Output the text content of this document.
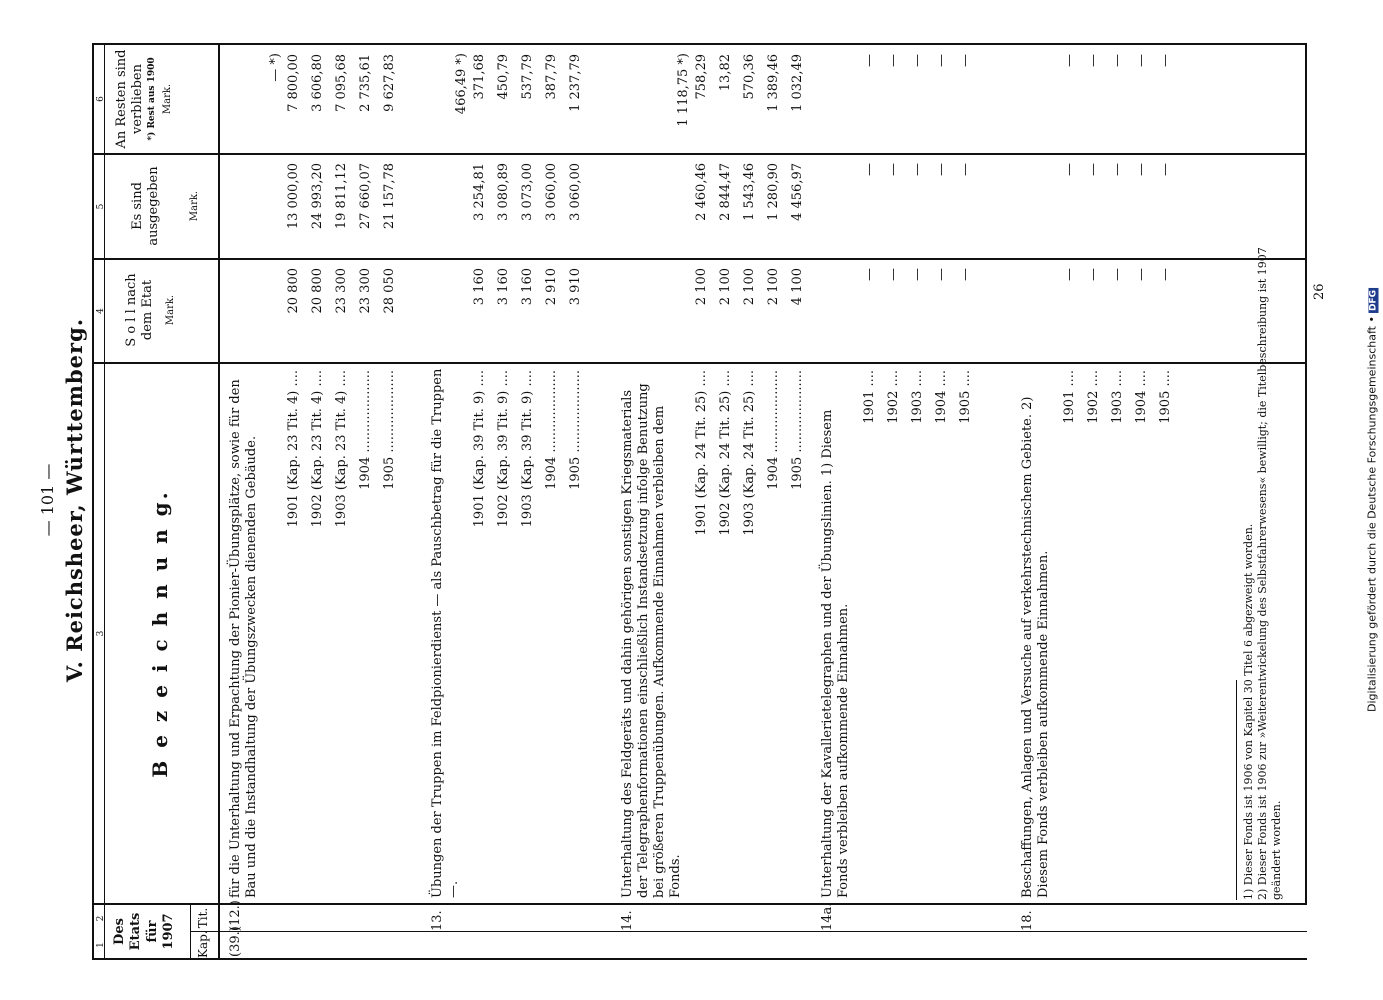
Digitalisierung gefördert durch die Deutsche Forschungsgemeinschaft •DFG
— 101 — V. Reichsheer, Württemberg.
1
2
3
4
5
6
Des Etats für 1907 Kap.
Tit.
B e z e i c h n u n g.
S o l l nach dem Etat Mark.
Es sind ausgegeben	Mark.
An Resten sind verblieben *) Rest aus 1900 Mark.
(39.)
(12.)
für die Unterhaltung und Erpachtung der Pionier-Übungsplätze, sowie für den Bau und die Instandhaltung der Übungszwecken dienenden Gebäude.
— *)
1901 (Kap. 23 Tit. 4) ....
20 800
13 000,00
7 800,00
1902 (Kap. 23 Tit. 4) ....
20 800
24 993,20
3 606,80
1903 (Kap. 23 Tit. 4) ....
23 300
19 811,12
7 095,68
1904 ....................
23 300
27 660,07
2 735,61
1905 ....................
28 050
21 157,78
9 627,83
13.
Übungen der Truppen im Feldpionierdienst — als Pauschbetrag für die Truppen —.
466,49 *)
1901 (Kap. 39 Tit. 9) ....
3 160
3 254,81
371,68
1902 (Kap. 39 Tit. 9) ....
3 160
3 080,89
450,79
1903 (Kap. 39 Tit. 9) ....
3 160
3 073,00
537,79
1904 ....................
2 910
3 060,00
387,79
1905 ....................
3 910
3 060,00
1 237,79
14.
Unterhaltung des Feldgeräts und dahin gehörigen sonstigen Kriegsmaterials der Telegraphenformationen einschließlich Instandsetzung infolge Benutzung bei größeren Truppenübungen. Aufkommende Einnahmen verbleiben dem Fonds.
1 118,75 *)
1901 (Kap. 24 Tit. 25) ....
2 100
2 460,46
758,29
1902 (Kap. 24 Tit. 25) ....
2 100
2 844,47
13,82
1903 (Kap. 24 Tit. 25) ....
2 100
1 543,46
570,36
1904 ....................
2 100
1 280,90
1 389,46
1905 ....................
4 100
4 456,97
1 032,49
14a.
Unterhaltung der Kavallerietelegraphen und der Übungslinien. 1) Diesem Fonds verbleiben aufkommende Einnahmen.
1901 ....
—
—
—
1902 ....
—
—
—
1903 ....
—
—
—
1904 ....
—
—
—
1905 ....
—
—
—
18.
Beschaffungen, Anlagen und Versuche auf verkehrstechnischem Gebiete. 2) Diesem Fonds verbleiben aufkommende Einnahmen.
1901 ....
—
—
—
1902 ....
—
—
—
1903 ....
—
—
—
1904 ....
—
—
—
1905 ....
—
—
—
1) Dieser Fonds ist 1906 von Kapitel 30 Titel 6 abgezweigt worden. 2) Dieser Fonds ist 1906 zur »Weiterentwickelung des Selbstfahrerwesens« bewilligt; die Titelbeschreibung ist 1907 geändert worden.
26
